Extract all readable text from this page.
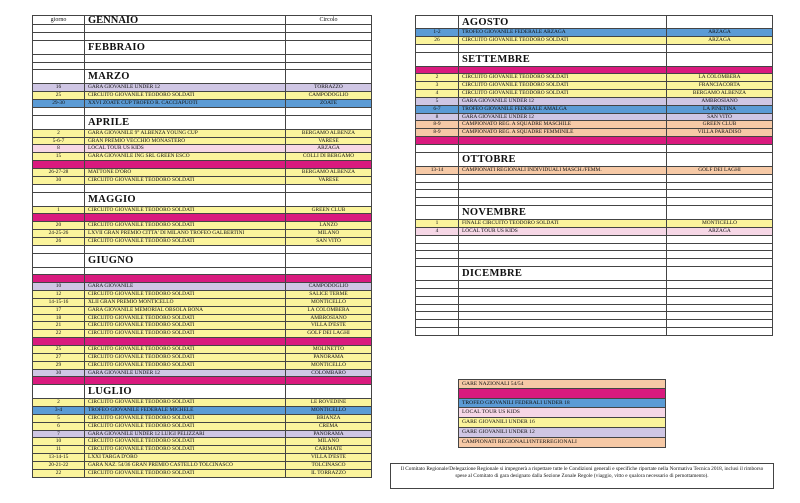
giorno	GENNAIO	Circolo
FEBBRAIO
MARZO
16	GARA GIOVANILE UNDER 12	TORRAZZO
25	CIRCUITO GIOVANILE TEODORO SOLDATI	CAMPODOGLIO
29-30	XXVI ZOATE CUP TROFEO R. CACCIAPUOTI	ZOATE
APRILE
2	GARA GIOVANILE 9° ALBENZA YOUNG CUP	BERGAMO ALBENZA
5-6-7	GRAN PREMIO VECCHIO MONASTERO	VARESE
8	LOCAL TOUR US KIDS	ARZAGA
15	GARA GIOVANILE ING SRL GREEN ESCO	COLLI DI BERGAMO
26-27-28	MATTONE D'ORO	BERGAMO ALBENZA
30	CIRCUITO GIOVANILE TEODORO SOLDATI	VARESE
MAGGIO
1	CIRCUITO GIOVANILE TEODORO SOLDATI	GREEN CLUB
20	CIRCUITO GIOVANILE TEODORO SOLDATI	LANZO
24-25-26	LXVII GRAN PREMIO CITTA' DI MILANO TROFEO GALBERTINI	MILANO
26	CIRCUITO GIOVANILE TEODORO SOLDATI	SAN VITO
GIUGNO
10	GARA GIOVANILE	CAMPODOGLIO
12	CIRCUITO GIOVANILE TEODORO SOLDATI	SALICE TERME
14-15-16	XLII GRAN PREMIO MONTICELLO	MONTICELLO
17	GARA GIOVANILE MEMORIAL OBSOLA BONA	LA COLOMBERA
18	CIRCUITO GIOVANILE TEODORO SOLDATI	AMBROSIANO
21	CIRCUITO GIOVANILE TEODORO SOLDATI	VILLA D'ESTE
22	CIRCUITO GIOVANILE TEODORO SOLDATI	GOLF DEI LAGHI
25	CIRCUITO GIOVANILE TEODORO SOLDATI	MOLINETTO
27	CIRCUITO GIOVANILE TEODORO SOLDATI	PANORAMA
29	CIRCUITO GIOVANILE TEODORO SOLDATI	MONTICELLO
30	GARA GIOVANILE UNDER 12	COLOMBARO
LUGLIO
2	CIRCUITO GIOVANILE TEODORO SOLDATI	LE ROVEDINE
3-4	TROFEO GIOVANILE FEDERALE MICHELE	MONTICELLO
5	CIRCUITO GIOVANILE TEODORO SOLDATI	BRIANZA
6	CIRCUITO GIOVANILE TEODORO SOLDATI	CREMA
7	GARA GIOVANILE UNDER 12 LUIGI PELIZZARI	PANORAMA
10	CIRCUITO GIOVANILE TEODORO SOLDATI	MILANO
11	CIRCUITO GIOVANILE TEODORO SOLDATI	CARIMATE
13-14-15	LXXI TARGA D'ORO	VILLA D'ESTE
20-21-22	GARA NAZ. 54/36 GRAN PREMIO CASTELLO TOLCINASCO	TOLCINASCO
22	CIRCUITO GIOVANILE TEODORO SOLDATI	IL TORRAZZO
AGOSTO
1-2	TROFEO GIOVANILE FEDERALE ARZAGA	ARZAGA
26	CIRCUITO GIOVANILE TEODORO SOLDATI	ARZAGA
SETTEMBRE
2	CIRCUITO GIOVANILE TEODORO SOLDATI	LA COLOMBERA
3	CIRCUITO GIOVANILE TEODORO SOLDATI	FRANCIACORTA
4	CIRCUITO GIOVANILE TEODORO SOLDATI	BERGAMO ALBENZA
5	GARA GIOVANILE UNDER 12	AMBROSIANO
6-7	TROFEO GIOVANILE FEDERALE AMALGA	LA PINETINA
8	GARA GIOVANILE UNDER 12	SAN VITO
8-9	CAMPIONATO REG. A SQUADRE MASCHILE	GREEN CLUB
8-9	CAMPIONATO REG. A SQUADRE FEMMINILE	VILLA PARADISO
OTTOBRE
13-14	CAMPIONATI REGIONALI INDIVIDUALI MASCH./FEMM.	GOLF DEI LAGHI
NOVEMBRE
1	FINALE CIRCUITO TEODORO SOLDATI	MONTICELLO
4	LOCAL TOUR US KIDS	ARZAGA
DICEMBRE
GARE NAZIONALI 54/54
TROFEO GIOVANILI FEDERALI UNDER 18
LOCAL TOUR US KIDS
GARE GIOVANILI UNDER 16
GARE GIOVANILI UNDER 12
CAMPIONATI REGIONALI/INTERREGIONALI
Il Comitato Regionale/Delegazione Regionale si impegnerà a rispettare tutte le Condizioni generali e specifiche riportate nella Normativa Tecnica 2018, inclusi il rimborso spese al Comitato di gara designato dalla Sezione Zonale Regole (viaggio, vitto e qualora necessario di pernottamento).
